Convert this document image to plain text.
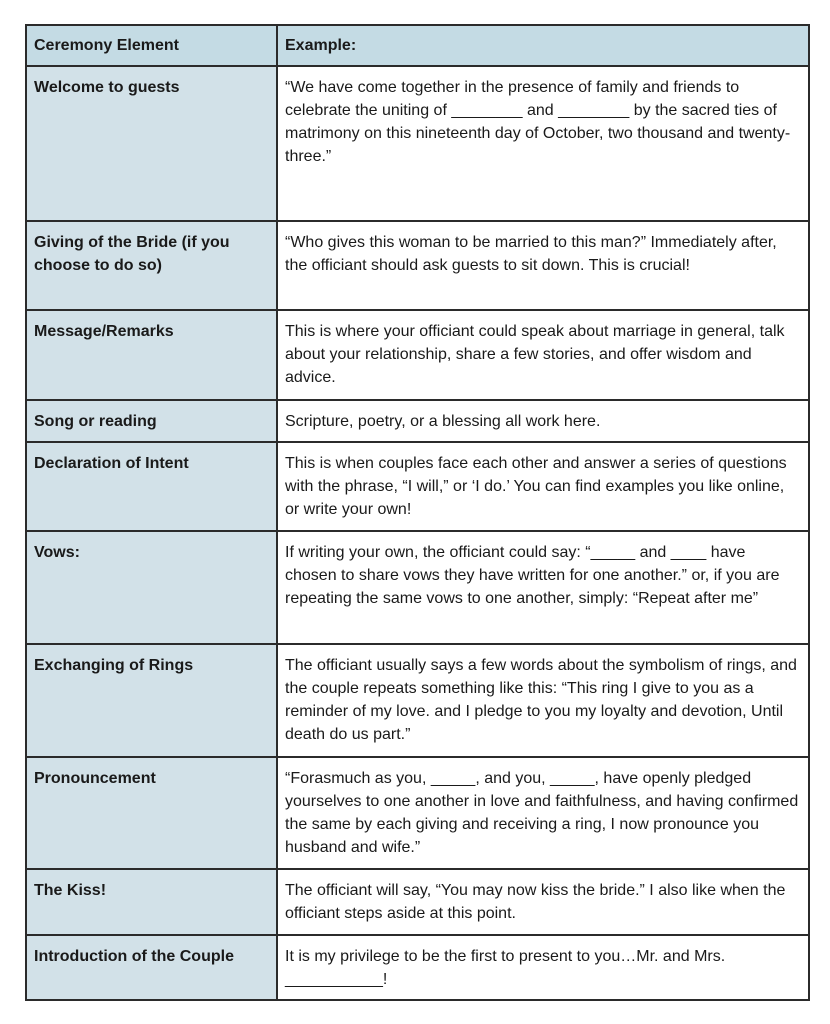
Ceremony Element	Example:
Welcome to guests	“We have come together in the presence of family and friends to celebrate the uniting of ________ and ________ by the sacred ties of matrimony on this nineteenth day of October, two thousand and twenty-three.”
Giving of the Bride (if you choose to do so)	“Who gives this woman to be married to this man?” Immediately after, the officiant should ask guests to sit down. This is crucial!
Message/Remarks	This is where your officiant could speak about marriage in general, talk about your relationship, share a few stories, and offer wisdom and advice.
Song or reading	Scripture, poetry, or a blessing all work here.
Declaration of Intent	This is when couples face each other and answer a series of questions with the phrase, “I will,” or ‘I do.’ You can find examples you like online, or write your own!
Vows:	If writing your own, the officiant could say: “_____ and ____ have chosen to share vows they have written for one another.” or, if you are repeating the same vows to one another, simply: “Repeat after me”
Exchanging of Rings	The officiant usually says a few words about the symbolism of rings, and the couple repeats something like this: “This ring I give to you as a reminder of my love. and I pledge to you my loyalty and devotion, Until death do us part.”
Pronouncement	“Forasmuch as you, _____, and you, _____, have openly pledged yourselves to one another in love and faithfulness, and having confirmed the same by each giving and receiving a ring, I now pronounce you husband and wife.”
The Kiss!	The officiant will say, “You may now kiss the bride.” I also like when the officiant steps aside at this point.
Introduction of the Couple	It is my privilege to be the first to present to you…Mr. and Mrs. ___________!
